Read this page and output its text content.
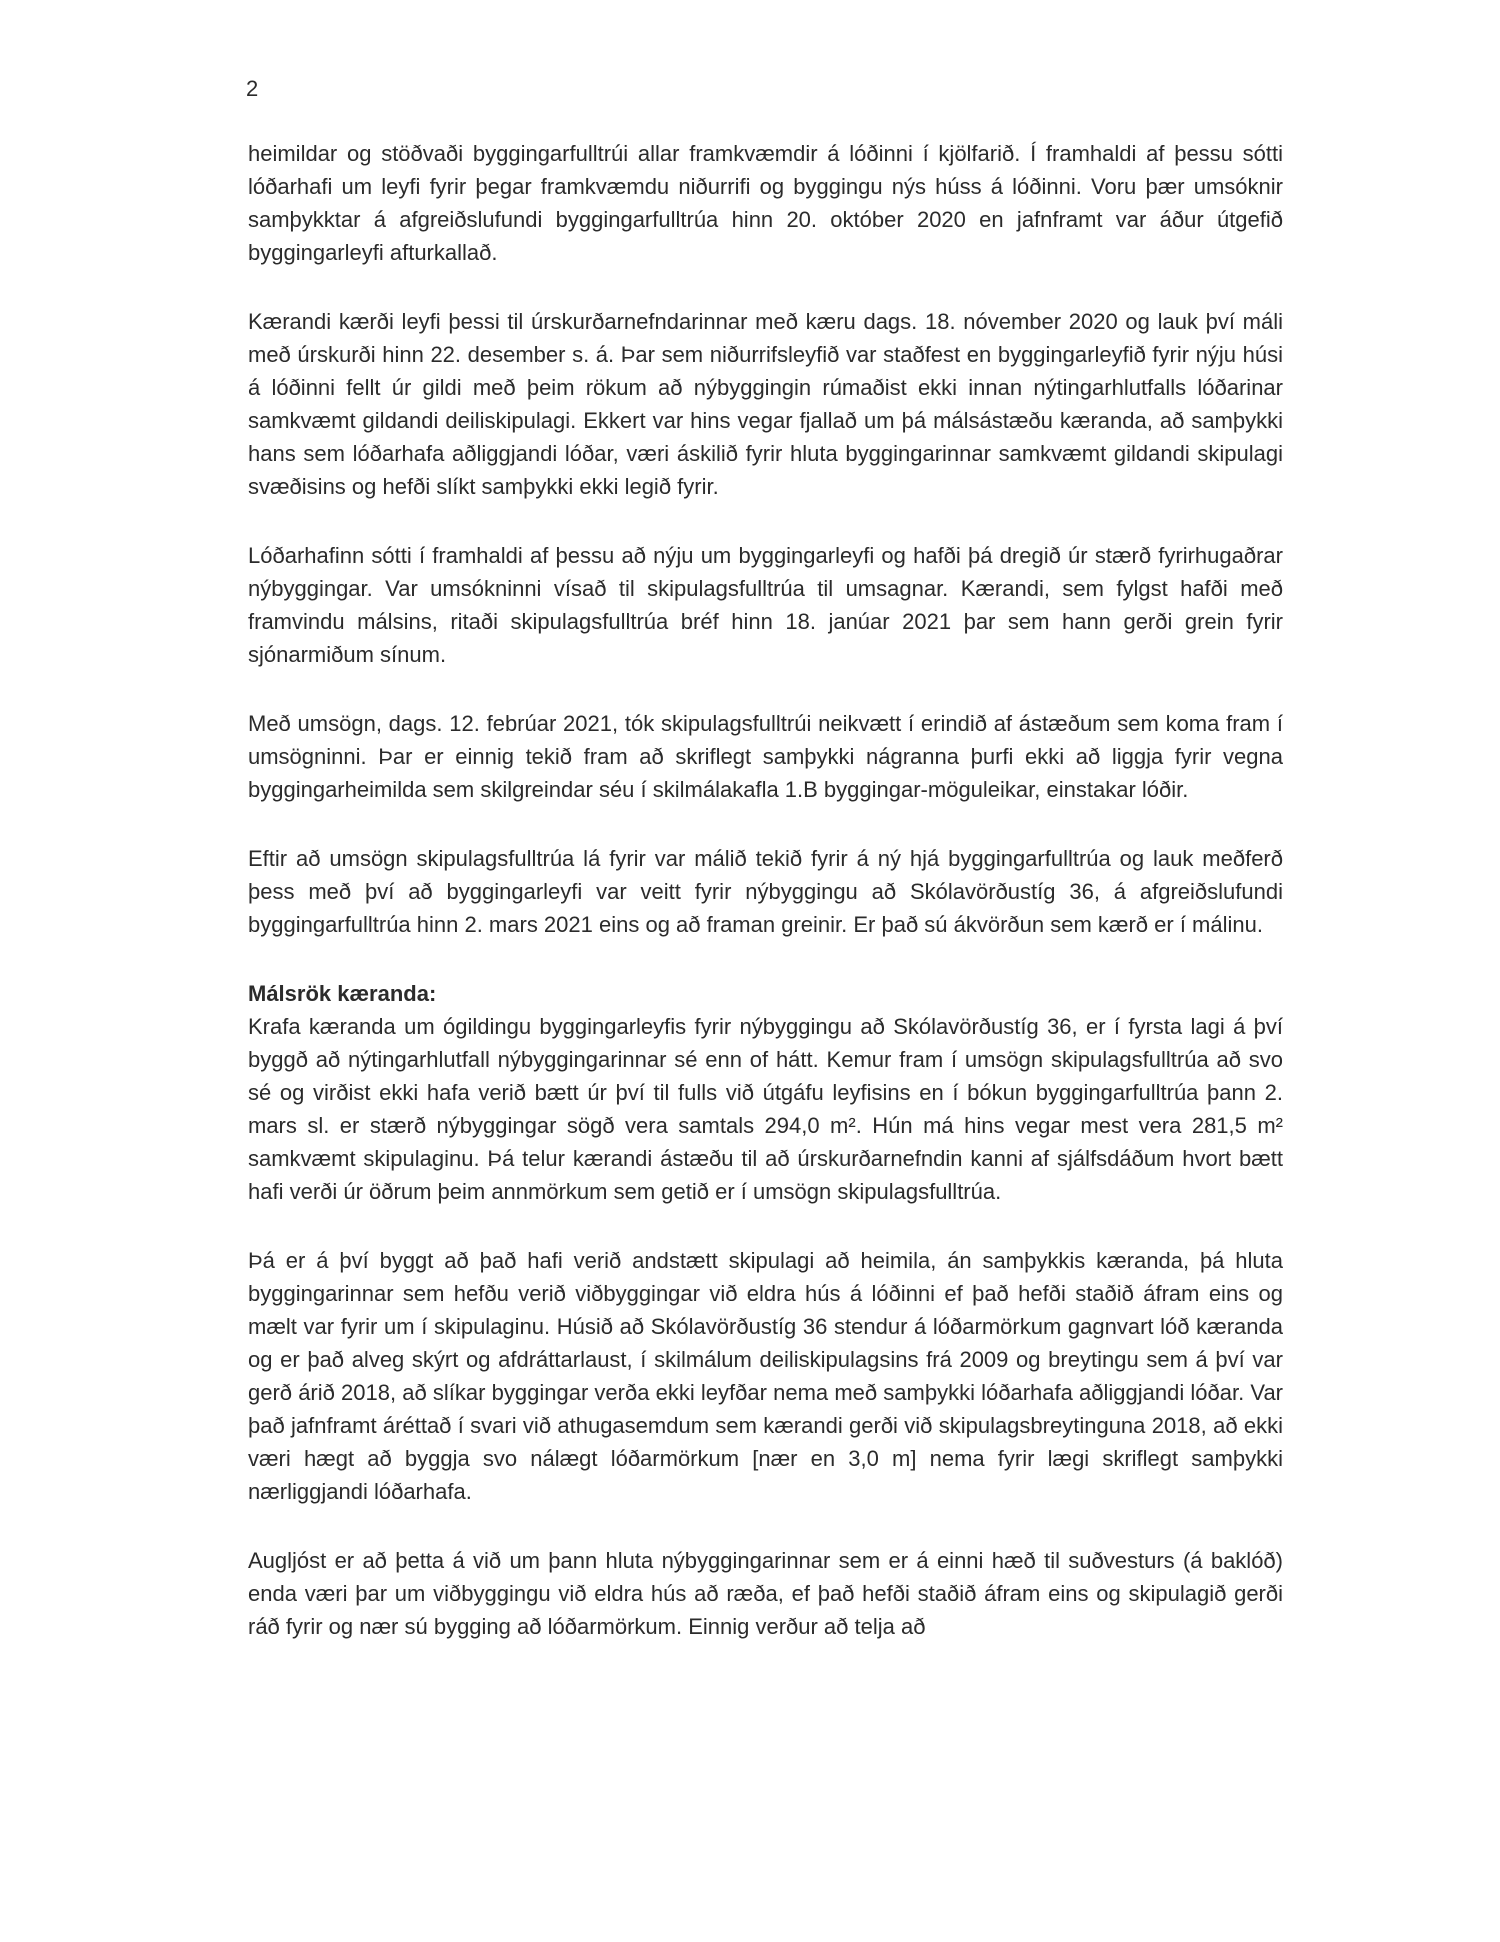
2

heimildar og stöðvaði byggingarfulltrúi allar framkvæmdir á lóðinni í kjölfarið. Í framhaldi af þessu sótti lóðarhafi um leyfi fyrir þegar framkvæmdu niðurrifi og byggingu nýs húss á lóðinni. Voru þær umsóknir samþykktar á afgreiðslufundi byggingarfulltrúa hinn 20. október 2020 en jafnframt var áður útgefið byggingarleyfi afturkallað.

Kærandi kærði leyfi þessi til úrskurðarnefndarinnar með kæru dags. 18. nóvember 2020 og lauk því máli með úrskurði hinn 22. desember s. á. Þar sem niðurrifsleyfið var staðfest en byggingarleyfið fyrir nýju húsi á lóðinni fellt úr gildi með þeim rökum að nýbyggingin rúmaðist ekki innan nýtingarhlutfalls lóðarinar samkvæmt gildandi deiliskipulagi. Ekkert var hins vegar fjallað um þá málsástæðu kæranda, að samþykki hans sem lóðarhafa aðliggjandi lóðar, væri áskilið fyrir hluta byggingarinnar samkvæmt gildandi skipulagi svæðisins og hefði slíkt samþykki ekki legið fyrir.

Lóðarhafinn sótti í framhaldi af þessu að nýju um byggingarleyfi og hafði þá dregið úr stærð fyrirhugaðrar nýbyggingar. Var umsókninni vísað til skipulagsfulltrúa til umsagnar. Kærandi, sem fylgst hafði með framvindu málsins, ritaði skipulagsfulltrúa bréf hinn 18. janúar 2021 þar sem hann gerði grein fyrir sjónarmiðum sínum.

Með umsögn, dags. 12. febrúar 2021, tók skipulagsfulltrúi neikvætt í erindið af ástæðum sem koma fram í umsögninni. Þar er einnig tekið fram að skriflegt samþykki nágranna þurfi ekki að liggja fyrir vegna byggingarheimilda sem skilgreindar séu í skilmálakafla 1.B byggingar-möguleikar, einstakar lóðir.

Eftir að umsögn skipulagsfulltrúa lá fyrir var málið tekið fyrir á ný hjá byggingarfulltrúa og lauk meðferð þess með því að byggingarleyfi var veitt fyrir nýbyggingu að Skólavörðustíg 36, á afgreiðslufundi byggingarfulltrúa hinn 2. mars 2021 eins og að framan greinir. Er það sú ákvörðun sem kærð er í málinu.

Málsrök kæranda:

Krafa kæranda um ógildingu byggingarleyfis fyrir nýbyggingu að Skólavörðustíg 36, er í fyrsta lagi á því byggð að nýtingarhlutfall nýbyggingarinnar sé enn of hátt. Kemur fram í umsögn skipulagsfulltrúa að svo sé og virðist ekki hafa verið bætt úr því til fulls við útgáfu leyfisins en í bókun byggingarfulltrúa þann 2. mars sl. er stærð nýbyggingar sögð vera samtals 294,0 m². Hún má hins vegar mest vera 281,5 m² samkvæmt skipulaginu. Þá telur kærandi ástæðu til að úrskurðarnefndin kanni af sjálfsdáðum hvort bætt hafi verði úr öðrum þeim annmörkum sem getið er í umsögn skipulagsfulltrúa.

Þá er á því byggt að það hafi verið andstætt skipulagi að heimila, án samþykkis kæranda, þá hluta byggingarinnar sem hefðu verið viðbyggingar við eldra hús á lóðinni ef það hefði staðið áfram eins og mælt var fyrir um í skipulaginu. Húsið að Skólavörðustíg 36 stendur á lóðarmörkum gagnvart lóð kæranda og er það alveg skýrt og afdráttarlaust, í skilmálum deiliskipulagsins frá 2009 og breytingu sem á því var gerð árið 2018, að slíkar byggingar verða ekki leyfðar nema með samþykki lóðarhafa aðliggjandi lóðar. Var það jafnframt áréttað í svari við athugasemdum sem kærandi gerði við skipulagsbreytinguna 2018, að ekki væri hægt að byggja svo nálægt lóðarmörkum [nær en 3,0 m] nema fyrir lægi skriflegt samþykki nærliggjandi lóðarhafa.

Augljóst er að þetta á við um þann hluta nýbyggingarinnar sem er á einni hæð til suðvesturs (á baklóð) enda væri þar um viðbyggingu við eldra hús að ræða, ef það hefði staðið áfram eins og skipulagið gerði ráð fyrir og nær sú bygging að lóðarmörkum. Einnig verður að telja að
